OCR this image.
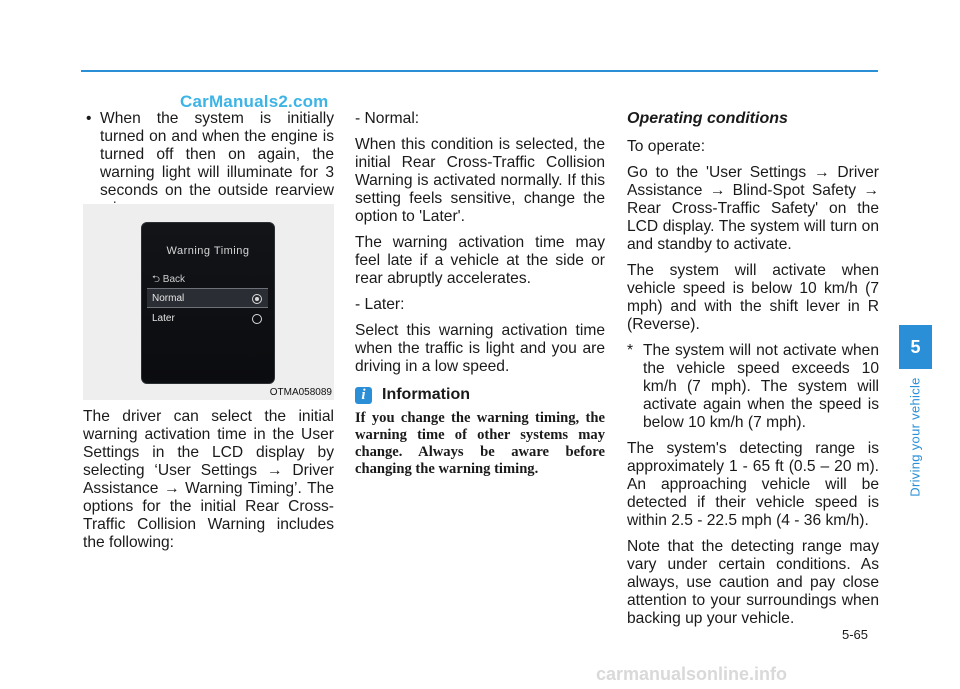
CarManuals2.com

• When the system is initially turned on and when the engine is turned off then on again, the warning light will illuminate for 3 seconds on the outside rearview

Warning Timing
⮌ Back
Normal
Later
OTMA058089

The driver can select the initial warning activation time in the User Settings in the LCD display by selecting ‘User Settings → Driver Assistance → Warning Timing’. The options for the initial Rear Cross-Traffic Collision Warning includes the following:

- Normal:

When this condition is selected, the initial Rear Cross-Traffic Collision Warning is activated normally. If this setting feels sensitive, change the option to 'Later'.

The warning activation time may feel late if a vehicle at the side or rear abruptly accelerates.

- Later:

Select this warning activation time when the traffic is light and you are driving in a low speed.

i	Information

If you change the warning timing, the warning time of other systems may change. Always be aware before changing the warning timing.

Operating conditions

To operate:

Go to the 'User Settings → Driver Assistance → Blind-Spot Safety → Rear Cross-Traffic Safety' on the LCD display. The system will turn on and standby to activate.

The system will activate when vehicle speed is below 10 km/h (7 mph) and with the shift lever in R (Reverse).

* The system will not activate when the vehicle speed exceeds 10 km/h (7 mph). The system will activate again when the speed is below 10 km/h (7 mph).

The system's detecting range is approximately 1 - 65 ft (0.5 – 20 m). An approaching vehicle will be detected if their vehicle speed is within 2.5 - 22.5 mph (4 - 36 km/h).

Note that the detecting range may vary under certain conditions. As always, use caution and pay close attention to your surroundings when backing up your vehicle.

5
Driving your vehicle
5-65
carmanualsonline.info
